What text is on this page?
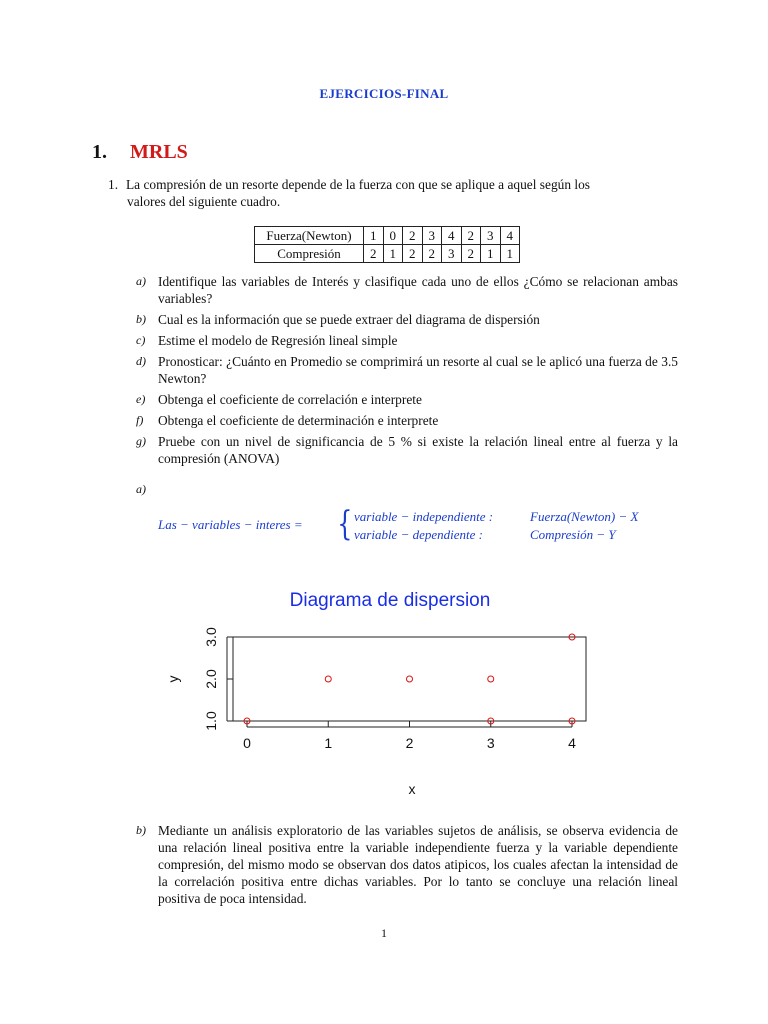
EJERCICIOS-FINAL
1. MRLS
1. La compresión de un resorte depende de la fuerza con que se aplique a aquel según los
valores del siguiente cuadro.
Fuerza(Newton)	1	0	2	3	4	2	3	4
Compresión	2	1	2	2	3	2	1	1
a) Identifique las variables de Interés y clasifique cada uno de ellos ¿Cómo se relacionan ambas variables?
b) Cual es la información que se puede extraer del diagrama de dispersión
c) Estime el modelo de Regresión lineal simple
d) Pronosticar: ¿Cuánto en Promedio se comprimirá un resorte al cual se le aplicó una fuerza de 3.5 Newton?
e) Obtenga el coeficiente de correlación e interprete
f) Obtenga el coeficiente de determinación e interprete
g) Pruebe con un nivel de significancia de 5 % si existe la relación lineal entre al fuerza y la compresión (ANOVA)
a)
Las − variables − interes = { variable − independiente :	Fuerza(Newton) − X
variable − dependiente :	Compresión − Y
Diagrama de dispersion
0	1	2	3	4
1.0
2.0
3.0
x
y
b) Mediante un análisis exploratorio de las variables sujetos de análisis, se observa evidencia de una relación lineal positiva entre la variable independiente fuerza y la variable dependiente compresión, del mismo modo se observan dos datos atipicos, los cuales afectan la intensidad de la correlación positiva entre dichas variables. Por lo tanto se concluye una relación lineal positiva de poca intensidad.
1
